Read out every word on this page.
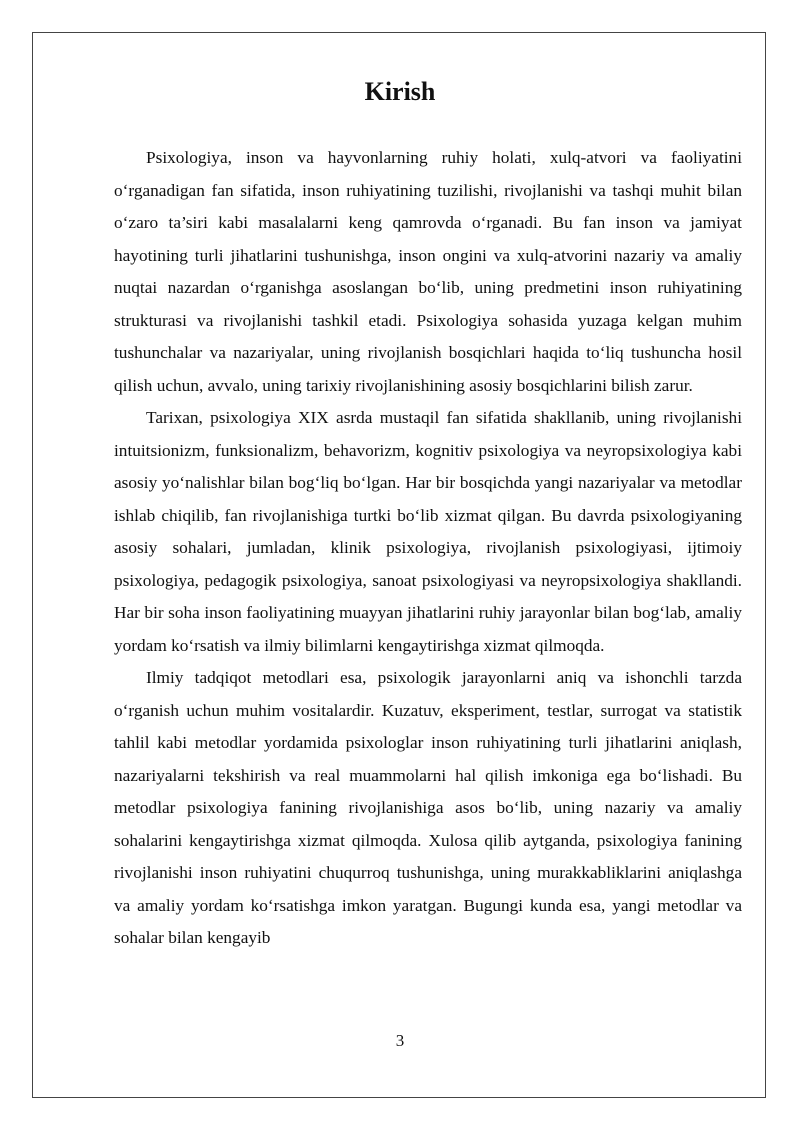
Kirish

Psixologiya, inson va hayvonlarning ruhiy holati, xulq-atvori va faoliyatini o‘rganadigan fan sifatida, inson ruhiyatining tuzilishi, rivojlanishi va tashqi muhit bilan o‘zaro ta’siri kabi masalalarni keng qamrovda o‘rganadi. Bu fan inson va jamiyat hayotining turli jihatlarini tushunishga, inson ongini va xulq-atvorini nazariy va amaliy nuqtai nazardan o‘rganishga asoslangan bo‘lib, uning predmetini inson ruhiyatining strukturasi va rivojlanishi tashkil etadi. Psixologiya sohasida yuzaga kelgan muhim tushunchalar va nazariyalar, uning rivojlanish bosqichlari haqida to‘liq tushuncha hosil qilish uchun, avvalo, uning tarixiy rivojlanishining asosiy bosqichlarini bilish zarur.

Tarixan, psixologiya XIX asrda mustaqil fan sifatida shakllanib, uning rivojlanishi intuitsionizm, funksionalizm, behavorizm, kognitiv psixologiya va neyropsixologiya kabi asosiy yo‘nalishlar bilan bog‘liq bo‘lgan. Har bir bosqichda yangi nazariyalar va metodlar ishlab chiqilib, fan rivojlanishiga turtki bo‘lib xizmat qilgan. Bu davrda psixologiyaning asosiy sohalari, jumladan, klinik psixologiya, rivojlanish psixologiyasi, ijtimoiy psixologiya, pedagogik psixologiya, sanoat psixologiyasi va neyropsixologiya shakllandi. Har bir soha inson faoliyatining muayyan jihatlarini ruhiy jarayonlar bilan bog‘lab, amaliy yordam ko‘rsatish va ilmiy bilimlarni kengaytirishga xizmat qilmoqda.

Ilmiy tadqiqot metodlari esa, psixologik jarayonlarni aniq va ishonchli tarzda o‘rganish uchun muhim vositalardir. Kuzatuv, eksperiment, testlar, surrogat va statistik tahlil kabi metodlar yordamida psixologlar inson ruhiyatining turli jihatlarini aniqlash, nazariyalarni tekshirish va real muammolarni hal qilish imkoniga ega bo‘lishadi. Bu metodlar psixologiya fanining rivojlanishiga asos bo‘lib, uning nazariy va amaliy sohalarini kengaytirishga xizmat qilmoqda. Xulosa qilib aytganda, psixologiya fanining rivojlanishi inson ruhiyatini chuqurroq tushunishga, uning murakkabliklarini aniqlashga va amaliy yordam ko‘rsatishga imkon yaratgan. Bugungi kunda esa, yangi metodlar va sohalar bilan kengayib

3
